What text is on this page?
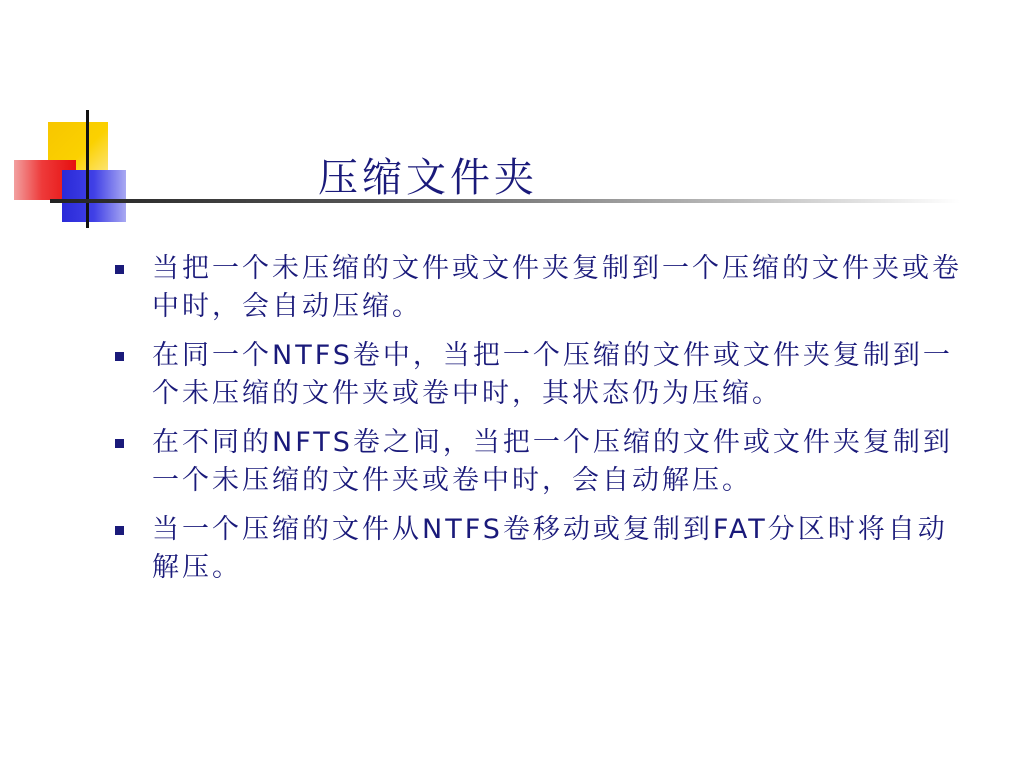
压缩文件夹
当把一个未压缩的文件或文件夹复制到一个压缩的文件夹或卷中时，会自动压缩。
在同一个NTFS卷中，当把一个压缩的文件或文件夹复制到一个未压缩的文件夹或卷中时，其状态仍为压缩。
在不同的NFTS卷之间，当把一个压缩的文件或文件夹复制到一个未压缩的文件夹或卷中时，会自动解压。
当一个压缩的文件从NTFS卷移动或复制到FAT分区时将自动解压。
